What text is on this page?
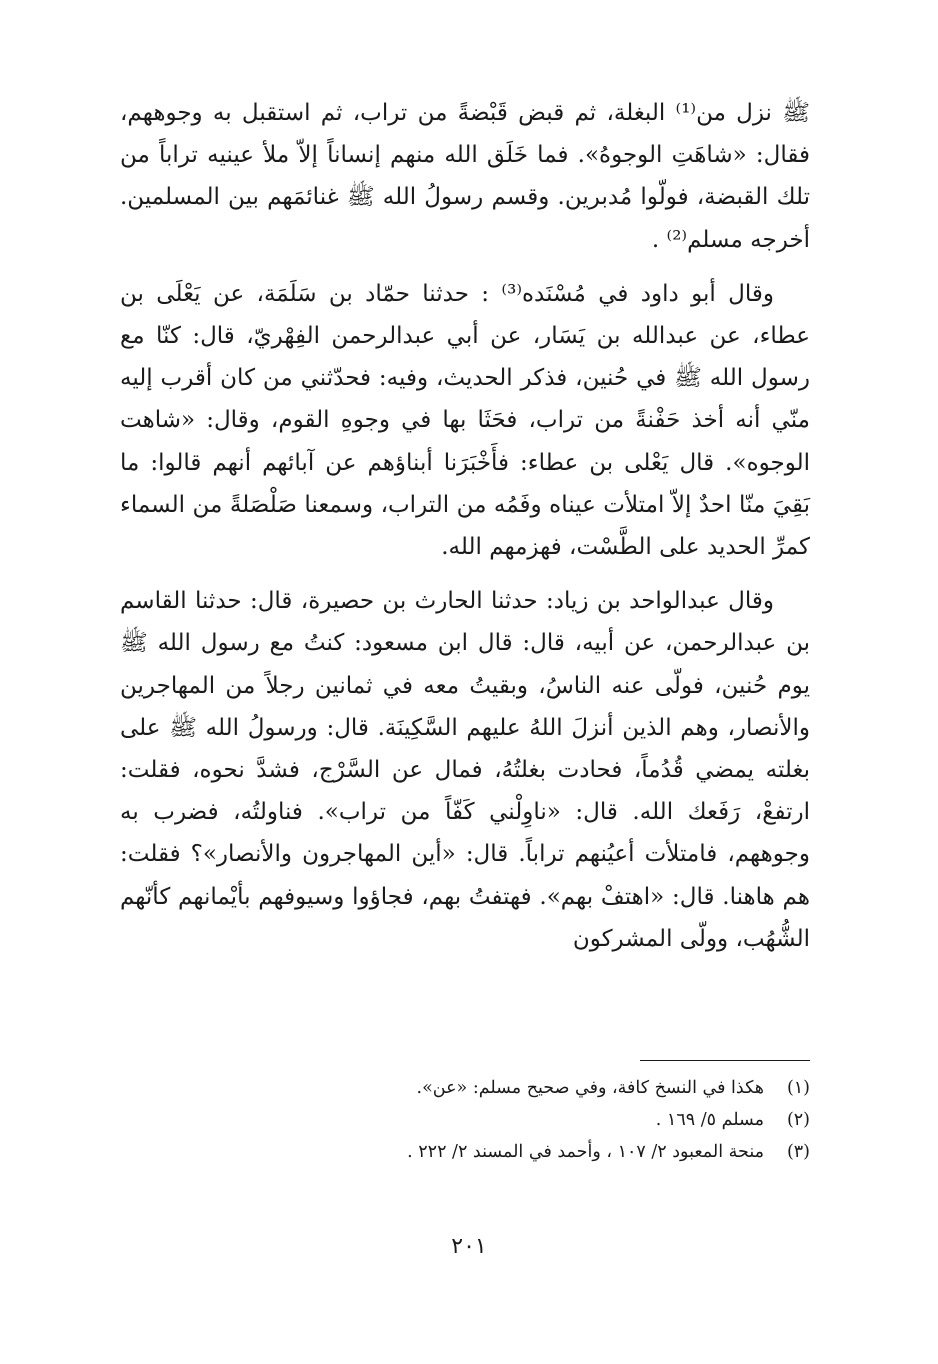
ﷺ نزل من⁽¹⁾ البغلة، ثم قبض قَبْضةً من تراب، ثم استقبل به وجوههم، فقال: «شاهَتِ الوجوهُ». فما خَلَق الله منهم إنساناً إلاّ ملأ عينيه تراباً من تلك القبضة، فولّوا مُدبرين. وقسم رسولُ الله ﷺ غنائمَهم بين المسلمين. أخرجه مسلم⁽²⁾ .

وقال أبو داود في مُسْنَده⁽³⁾ : حدثنا حمّاد بن سَلَمَة، عن يَعْلَى بن عطاء، عن عبدالله بن يَسَار، عن أبي عبدالرحمن الفِهْريّ، قال: كنّا مع رسول الله ﷺ في حُنين، فذكر الحديث، وفيه: فحدّثني من كان أقرب إليه منّي أنه أخذ حَفْنةً من تراب، فحَثَا بها في وجوهِ القوم، وقال: «شاهت الوجوه». قال يَعْلى بن عطاء: فأَخْبَرَنا أبناؤهم عن آبائهم أنهم قالوا: ما بَقِيَ منّا احدٌ إلاّ امتلأت عيناه وفَمُه من التراب، وسمعنا صَلْصَلةً من السماء كمرِّ الحديد على الطَّسْت، فهزمهم الله.

وقال عبدالواحد بن زياد: حدثنا الحارث بن حصيرة، قال: حدثنا القاسم بن عبدالرحمن، عن أبيه، قال: قال ابن مسعود: كنتُ مع رسول الله ﷺ يوم حُنين، فولّى عنه الناسُ، وبقيتُ معه في ثمانين رجلاً من المهاجرين والأنصار، وهم الذين أنزلَ اللهُ عليهم السَّكِينَة. قال: ورسولُ الله ﷺ على بغلته يمضي قُدُماً، فحادت بغلتُهُ، فمال عن السَّرْج، فشدَّ نحوه، فقلت: ارتفعْ، رَفَعك الله. قال: «ناوِلْني كَفّاً من تراب». فناولتُه، فضرب به وجوههم، فامتلأت أعيُنهم تراباً. قال: «أين المهاجرون والأنصار»؟ فقلت: هم هاهنا. قال: «اهتفْ بهم». فهتفتُ بهم، فجاؤوا وسيوفهم بأيْمانهم كأنّهم الشُّهُب، وولّى المشركون

(١)
هكذا في النسخ كافة، وفي صحيح مسلم: «عن».
(٢)
مسلم ٥/ ١٦٩ .
(٣)
منحة المعبود ٢/ ١٠٧ ، وأحمد في المسند ٢/ ٢٢٢ .
٢٠١
